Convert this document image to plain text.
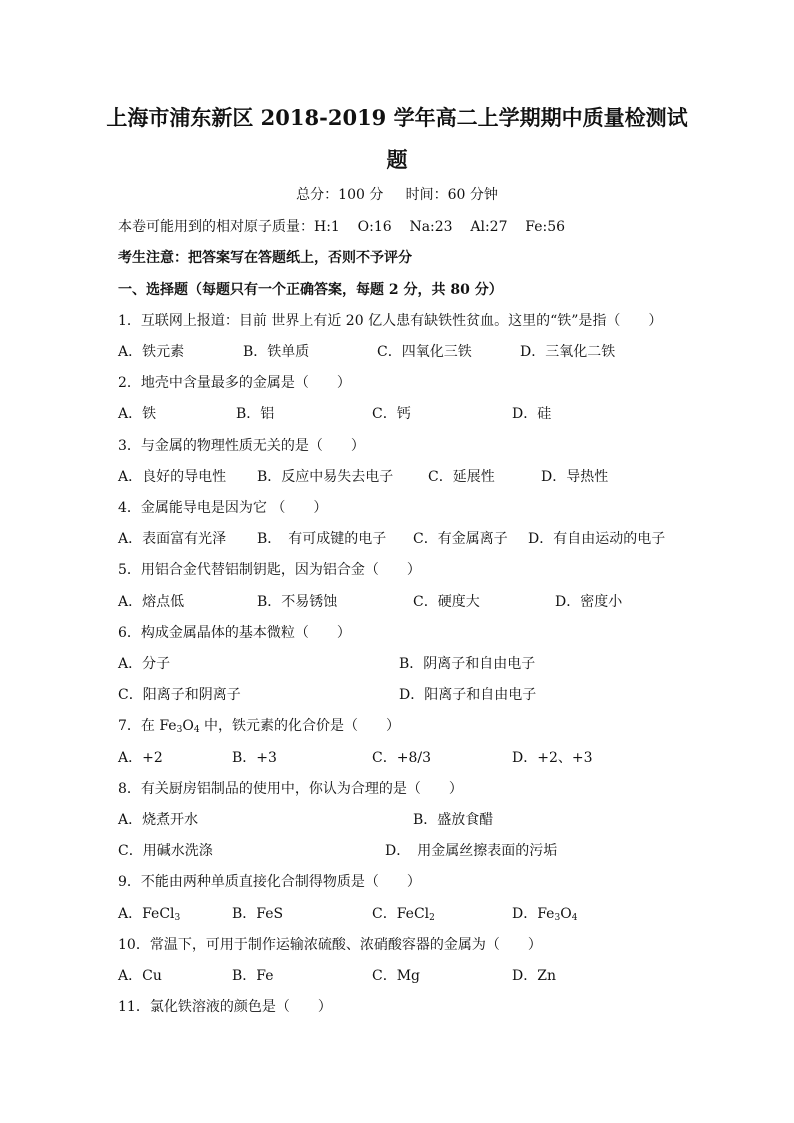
上海市浦东新区 2018-2019 学年高二上学期期中质量检测试
题
总分：100 分     时间：60 分钟
本卷可能用到的相对原子质量：H:1    O:16    Na:23    Al:27    Fe:56
考生注意：把答案写在答题纸上，否则不予评分
一、选择题（每题只有一个正确答案，每题 2 分，共 80 分）
1．互联网上报道：目前 世界上有近 20 亿人患有缺铁性贫血。这里的“铁”是指（　　）
A．铁元素	B．铁单质	C．四氧化三铁	D．三氧化二铁
2．地壳中含量最多的金属是（　　）
A．铁	B．铝	C．钙	D．硅
3．与金属的物理性质无关的是（　　）
A．良好的导电性 B．反应中易失去电子 C．延展性	D．导热性
4．金属能导电是因为它 （　　）
A．表面富有光泽 B．　有可成键的电子 C．有金属离子 D．有自由运动的电子
5．用铝合金代替铝制钥匙，因为铝合金（　　）
A．熔点低	B．不易锈蚀	C．硬度大	D．密度小
6．构成金属晶体的基本微粒（　　）
A．分子	B．阴离子和自由电子
C．阳离子和阴离子	D．阳离子和自由电子
7．在 $Fe_3O_4$ 中，铁元素的化合价是（　　）
A．+2	B．+3	C．+8/3	D．+2、+3
8．有关厨房铝制品的使用中，你认为合理的是（　　）
A．烧煮开水	B．盛放食醋
C．用碱水洗涤	D．　用金属丝擦表面的污垢
9．不能由两种单质直接化合制得物质是（　　）
A．FeCl$_3$	B．FeS	C．FeCl$_2$	D．$Fe_3O_4$
10．常温下，可用于制作运输浓硫酸、浓硝酸容器的金属为（　　）
A．Cu	B．Fe	C．Mg	D．Zn
11．氯化铁溶液的颜色是（　　）
